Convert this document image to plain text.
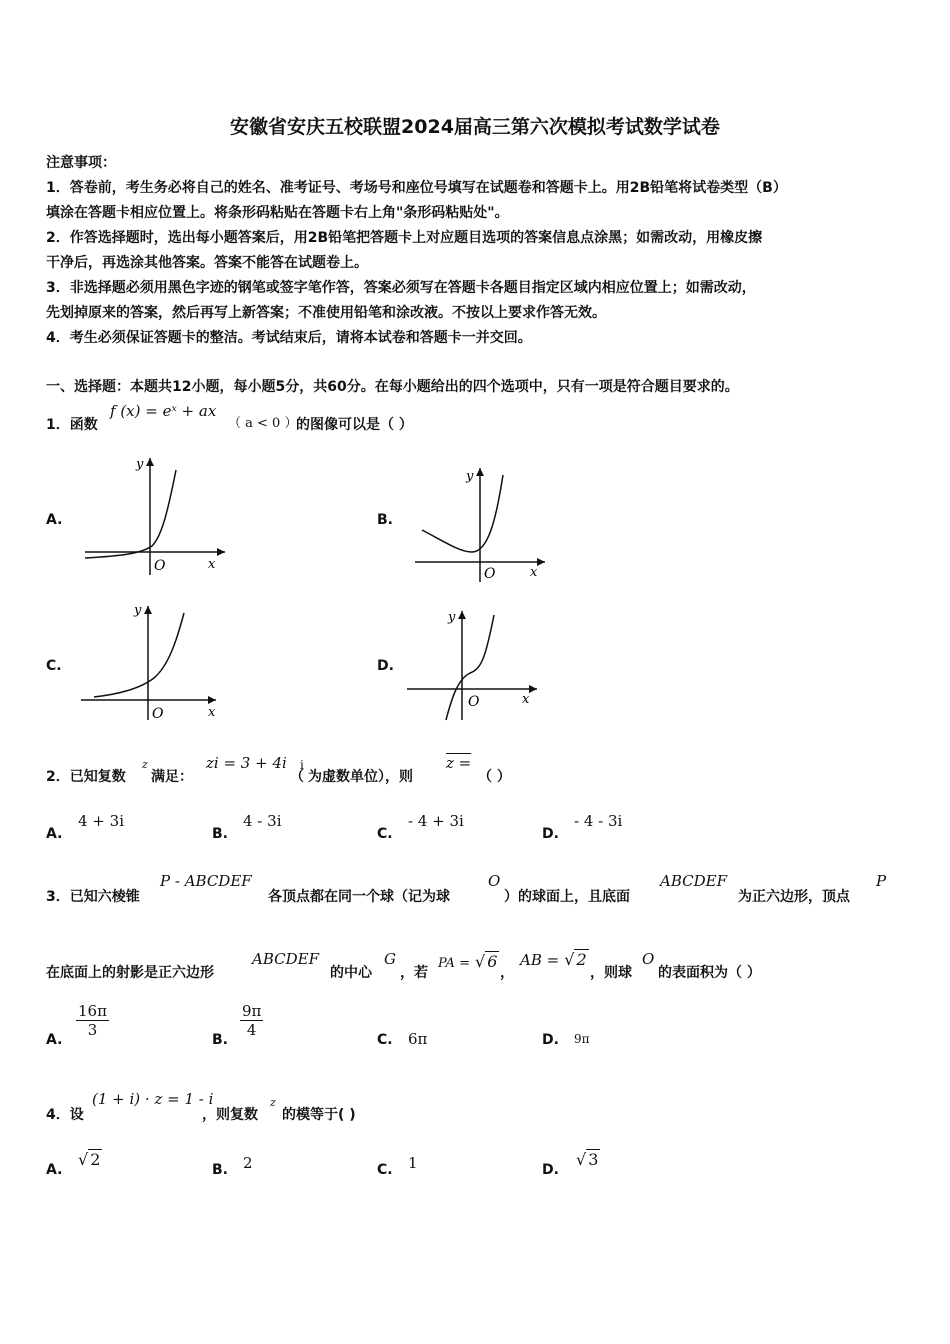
安徽省安庆五校联盟2024届高三第六次模拟考试数学试卷
注意事项：
1．答卷前，考生务必将自己的姓名、准考证号、考场号和座位号填写在试题卷和答题卡上。用2B铅笔将试卷类型（B）
填涂在答题卡相应位置上。将条形码粘贴在答题卡右上角"条形码粘贴处"。
2．作答选择题时，选出每小题答案后，用2B铅笔把答题卡上对应题目选项的答案信息点涂黑；如需改动，用橡皮擦
干净后，再选涂其他答案。答案不能答在试题卷上。
3．非选择题必须用黑色字迹的钢笔或签字笔作答，答案必须写在答题卡各题目指定区域内相应位置上；如需改动，
先划掉原来的答案，然后再写上新答案；不准使用铅笔和涂改液。不按以上要求作答无效。
4．考生必须保证答题卡的整洁。考试结束后，请将本试卷和答题卡一并交回。
一、选择题：本题共12小题，每小题5分，共60分。在每小题给出的四个选项中，只有一项是符合题目要求的。
1．函数
f (x) = eˣ + ax
（ a < 0 ）
的图像可以是（ ）
A.	B.
C.	D.
y
x
O
y
x
O
y
x
O
y
x
O
2．已知复数
z
满足：
zi = 3 + 4i
（
i
为虚数单位），则
z =
（ ）
A.
4 + 3i
B.
4 - 3i
C.
- 4 + 3i
D.
- 4 - 3i
3．已知六棱锥
P - ABCDEF
各顶点都在同一个球（记为球
O
）的球面上，且底面
ABCDEF
为正六边形，顶点
P
在底面上的射影是正六边形
ABCDEF
的中心
G
，若
PA = √ 6
，
AB = √ 2
，则球
O
的表面积为（ ）
A.
$\frac{16\pi}{3}$
B.
$\frac{9\pi}{4}$
C. 6π	D. 9π
4．设
(1 + i) · z = 1 - i
，则复数
z
的模等于( )
A.
√ 2
B. 2	C. 1	D.
√ 3
